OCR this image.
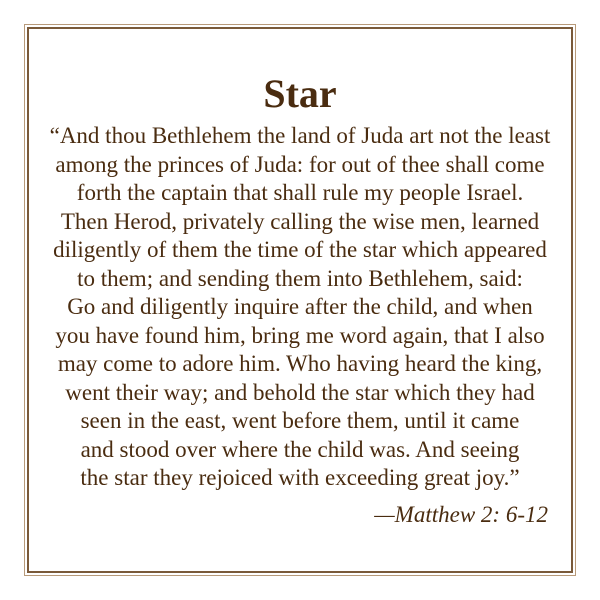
Star

“And thou Bethlehem the land of Juda art not the least
among the princes of Juda: for out of thee shall come
forth the captain that shall rule my people Israel.
Then Herod, privately calling the wise men, learned
diligently of them the time of the star which appeared
to them; and sending them into Bethlehem, said:
Go and diligently inquire after the child, and when
you have found him, bring me word again, that I also
may come to adore him. Who having heard the king,
went their way; and behold the star which they had
seen in the east, went before them, until it came
and stood over where the child was. And seeing
the star they rejoiced with exceeding great joy.”

—Matthew 2: 6-12
